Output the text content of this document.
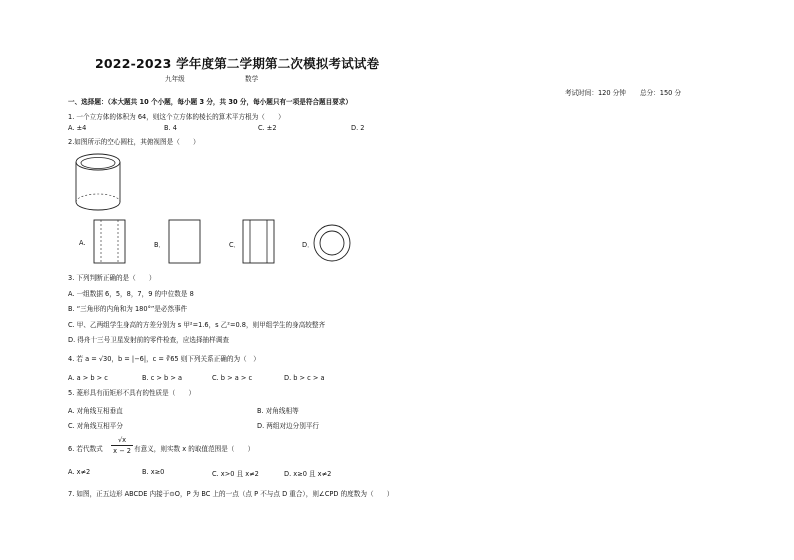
2022-2023 学年度第二学期第二次模拟考试试卷
九年级	数学
考试时间：120 分钟 总分：150 分
一、选择题：（本大题共 10 个小题，每小题 3 分，共 30 分，每小题只有一项是符合题目要求）
1. 一个立方体的体积为 64，则这个立方体的棱长的算术平方根为（　　）
A. ±4	B. 4	C. ±2	D. 2
2.如图所示的空心圆柱，其俯视图是（　　）
A.	B．	C．	D．
3. 下列判断正确的是（　　）
A. 一组数据 6，5，8，7，9 的中位数是 8
B. “三角形的内角和为 180°”是必然事件
C. 甲、乙两组学生身高的方差分别为 s 甲²=1.6，s 乙²=0.8，则甲组学生的身高较整齐
D. 得舟十三号卫星发射前的零件检查，应选择抽样调查
4. 若 a = √30，b = |−6|，c = ∛65 则下列关系正确的为（　）
A. a > b > c	B. c > b > a	C. b > a > c	D. b > c > a
5. 菱形具有而矩形不具有的性质是（　　）
A. 对角线互相垂直	B. 对角线相等
C. 对角线互相平分	D. 两组对边分别平行
6. 若代数式 $\frac{√x}{x - 2}$ 有意义，则实数 x 的取值范围是（　　）
A. x≠2	B. x≥0	C. x>0 且 x≠2	D. x≥0 且 x≠2
7. 如图，正五边形 ABCDE 内接于⊙O，P 为 BC 上的一点（点 P 不与点 D 重合），则∠CPD 的度数为（　　）
